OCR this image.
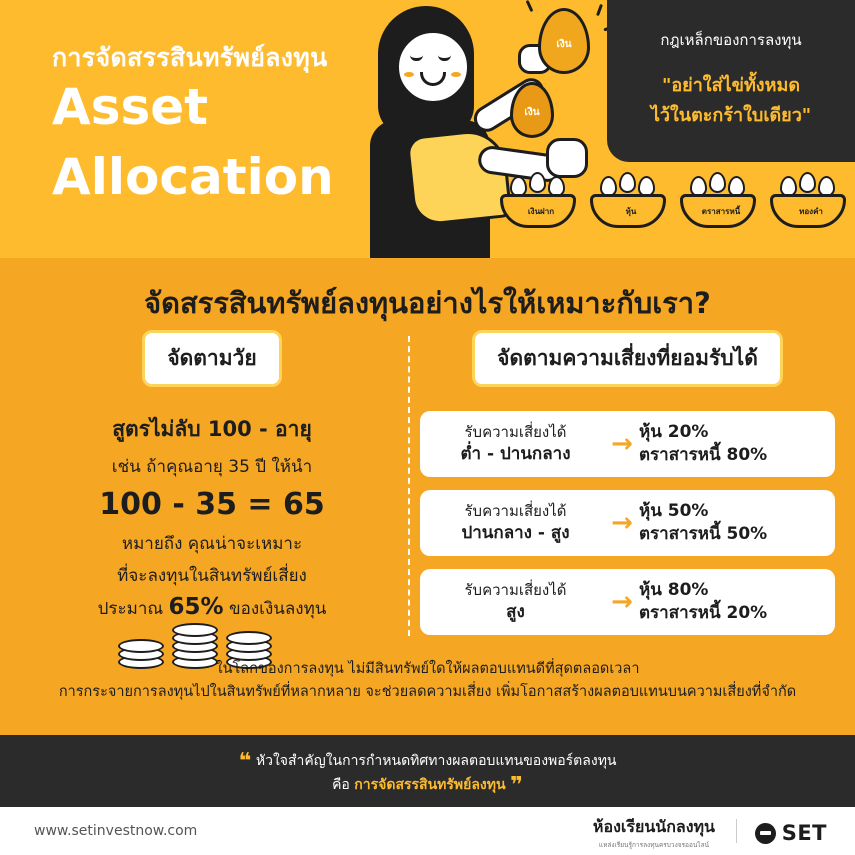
การจัดสรรสินทรัพย์ลงทุน
Asset
Allocation
เงิน
เงิน
เงินฝาก	หุ้น	ตราสารหนี้	ทองคำ
กฎเหล็กของการลงทุน
"อย่าใส่ไข่ทั้งหมด
ไว้ในตะกร้าใบเดียว"
จัดสรรสินทรัพย์ลงทุนอย่างไรให้เหมาะกับเรา?
จัดตามวัย
สูตรไม่ลับ 100 - อายุ
เช่น ถ้าคุณอายุ 35 ปี ให้นำ
100 - 35 = 65
หมายถึง คุณน่าจะเหมาะ
ที่จะลงทุนในสินทรัพย์เสี่ยง
ประมาณ 65% ของเงินลงทุน
จัดตามความเสี่ยงที่ยอมรับได้
รับความเสี่ยงได้
ต่ำ - ปานกลาง	→ หุ้น 20%
ตราสารหนี้ 80%
รับความเสี่ยงได้
ปานกลาง - สูง	→ หุ้น 50%
ตราสารหนี้ 50%
รับความเสี่ยงได้
สูง	→ หุ้น 80%
ตราสารหนี้ 20%
ในโลกของการลงทุน ไม่มีสินทรัพย์ใดให้ผลตอบแทนดีที่สุดตลอดเวลา
การกระจายการลงทุนไปในสินทรัพย์ที่หลากหลาย จะช่วยลดความเสี่ยง เพิ่มโอกาสสร้างผลตอบแทนบนความเสี่ยงที่จำกัด
❝ หัวใจสำคัญในการกำหนดทิศทางผลตอบแทนของพอร์ตลงทุน
คือ การจัดสรรสินทรัพย์ลงทุน ❞
www.setinvestnow.com	ห้องเรียนนักลงทุน
แหล่งเรียนรู้การลงทุนครบวงจรออนไลน์	SET
